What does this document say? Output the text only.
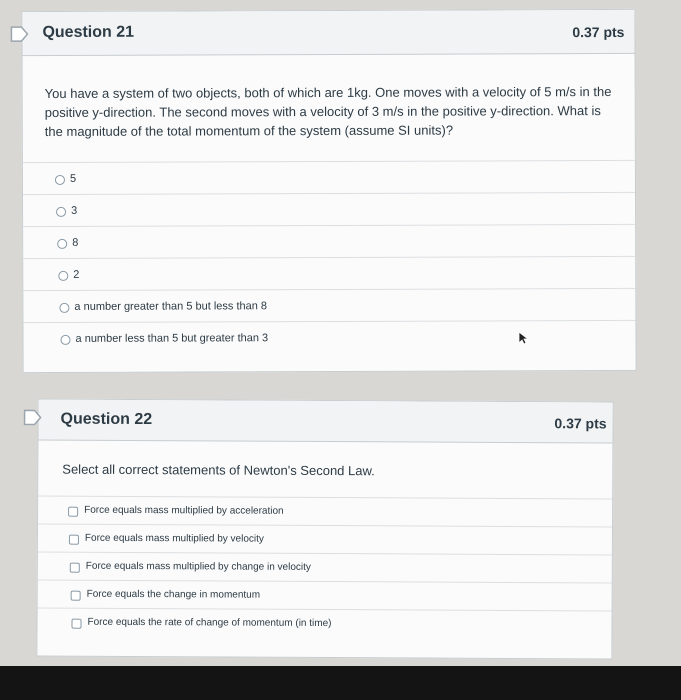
Question 21	0.37 pts
You have a system of two objects, both of which are 1kg. One moves with a velocity of 5 m/s in the positive y-direction. The second moves with a velocity of 3 m/s in the positive y-direction. What is the magnitude of the total momentum of the system (assume SI units)?
5
3
8
2
a number greater than 5 but less than 8
a number less than 5 but greater than 3
Question 22	0.37 pts
Select all correct statements of Newton's Second Law.
Force equals mass multiplied by acceleration
Force equals mass multiplied by velocity
Force equals mass multiplied by change in velocity
Force equals the change in momentum
Force equals the rate of change of momentum (in time)
